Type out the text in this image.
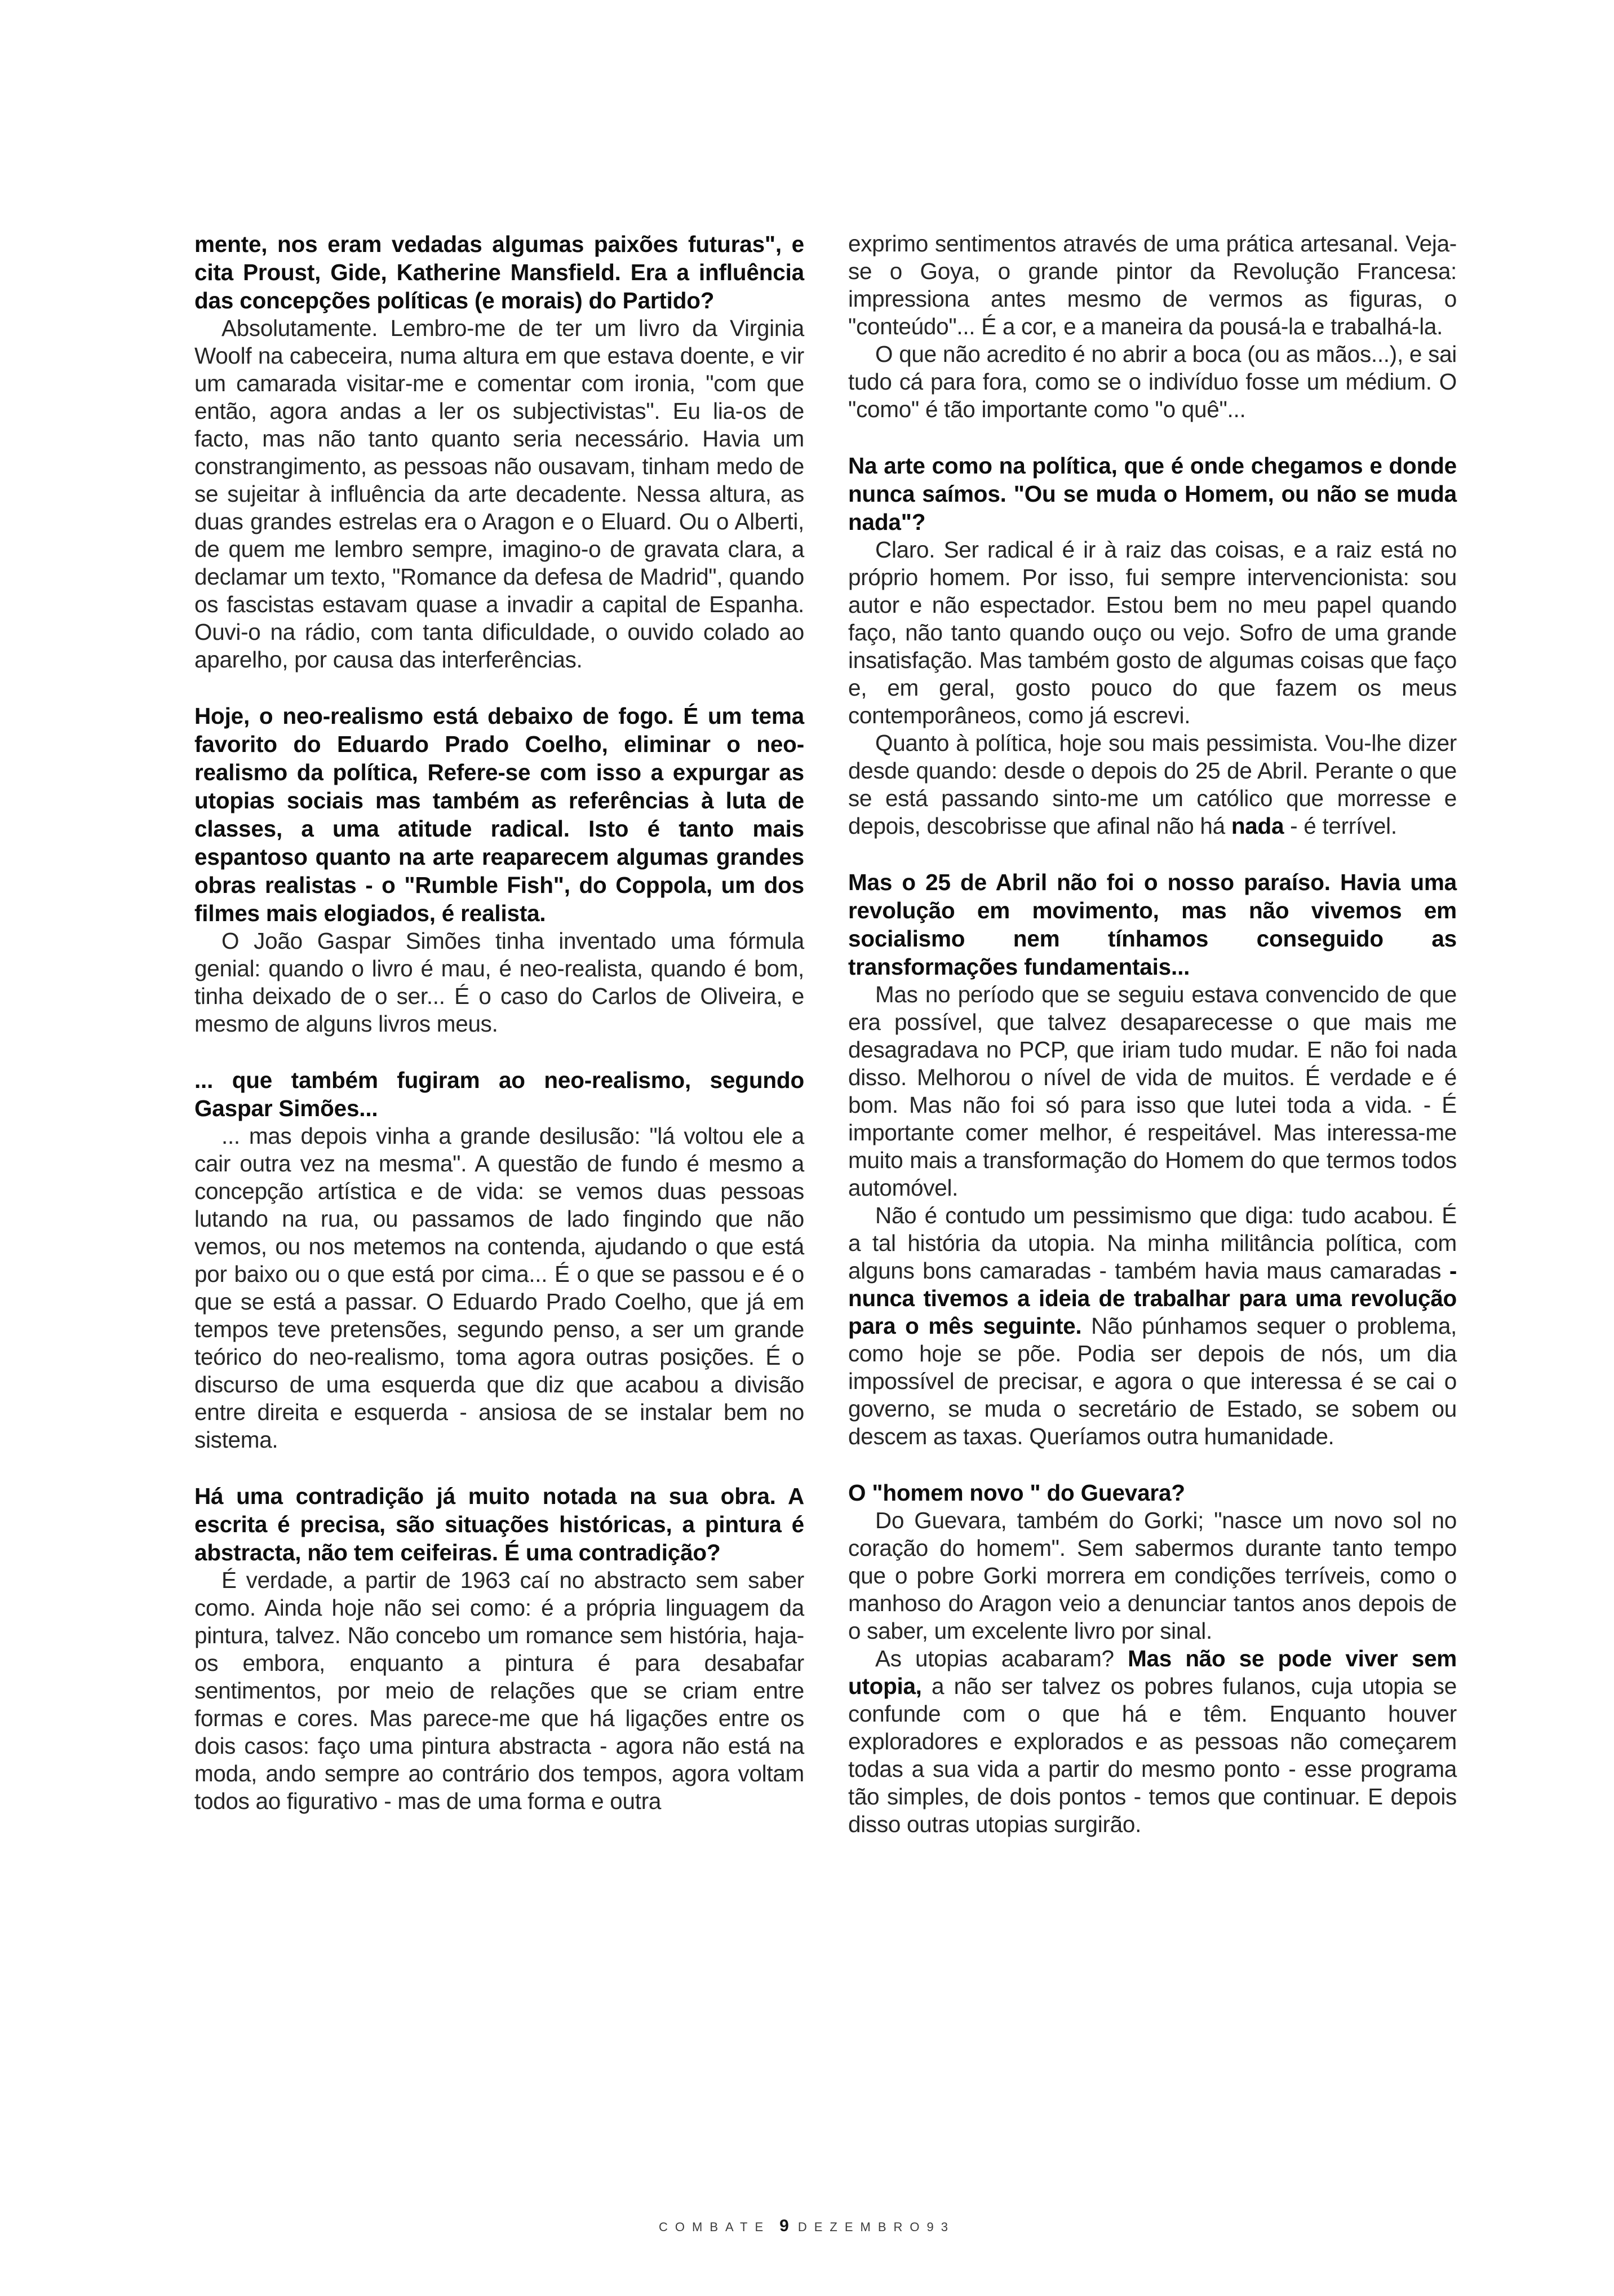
mente, nos eram vedadas algumas paixões futuras", e cita Proust, Gide, Katherine Mansfield. Era a influência das concepções políticas (e morais) do Partido?

Absolutamente. Lembro-me de ter um livro da Virginia Woolf na cabeceira, numa altura em que estava doente, e vir um camarada visitar-me e comentar com ironia, "com que então, agora andas a ler os subjectivistas". Eu lia-os de facto, mas não tanto quanto seria necessário. Havia um constrangimento, as pessoas não ousavam, tinham medo de se sujeitar à influência da arte decadente. Nessa altura, as duas grandes estrelas era o Aragon e o Eluard. Ou o Alberti, de quem me lembro sempre, imagino-o de gravata clara, a declamar um texto, "Romance da defesa de Madrid", quando os fascistas estavam quase a invadir a capital de Espanha. Ouvi-o na rádio, com tanta dificuldade, o ouvido colado ao aparelho, por causa das interferências.

Hoje, o neo-realismo está debaixo de fogo. É um tema favorito do Eduardo Prado Coelho, eliminar o neo-realismo da política, Refere-se com isso a expurgar as utopias sociais mas também as referências à luta de classes, a uma atitude radical. Isto é tanto mais espantoso quanto na arte reaparecem algumas grandes obras realistas - o "Rumble Fish", do Coppola, um dos filmes mais elogiados, é realista.

O João Gaspar Simões tinha inventado uma fórmula genial: quando o livro é mau, é neo-realista, quando é bom, tinha deixado de o ser... É o caso do Carlos de Oliveira, e mesmo de alguns livros meus.

... que também fugiram ao neo-realismo, segundo Gaspar Simões...

... mas depois vinha a grande desilusão: "lá voltou ele a cair outra vez na mesma". A questão de fundo é mesmo a concepção artística e de vida: se vemos duas pessoas lutando na rua, ou passamos de lado fingindo que não vemos, ou nos metemos na contenda, ajudando o que está por baixo ou o que está por cima... É o que se passou e é o que se está a passar. O Eduardo Prado Coelho, que já em tempos teve pretensões, segundo penso, a ser um grande teórico do neo-realismo, toma agora outras posições. É o discurso de uma esquerda que diz que acabou a divisão entre direita e esquerda - ansiosa de se instalar bem no sistema.

Há uma contradição já muito notada na sua obra. A escrita é precisa, são situações históricas, a pintura é abstracta, não tem ceifeiras. É uma contradição?

É verdade, a partir de 1963 caí no abstracto sem saber como. Ainda hoje não sei como: é a própria linguagem da pintura, talvez. Não concebo um romance sem história, haja-os embora, enquanto a pintura é para desabafar sentimentos, por meio de relações que se criam entre formas e cores. Mas parece-me que há ligações entre os dois casos: faço uma pintura abstracta - agora não está na moda, ando sempre ao contrário dos tempos, agora voltam todos ao figurativo - mas de uma forma e outra

exprimo sentimentos através de uma prática artesanal. Veja-se o Goya, o grande pintor da Revolução Francesa: impressiona antes mesmo de vermos as figuras, o "conteúdo"... É a cor, e a maneira da pousá-la e trabalhá-la.

O que não acredito é no abrir a boca (ou as mãos...), e sai tudo cá para fora, como se o indivíduo fosse um médium. O "como" é tão importante como "o quê"...

Na arte como na política, que é onde chegamos e donde nunca saímos. "Ou se muda o Homem, ou não se muda nada"?

Claro. Ser radical é ir à raiz das coisas, e a raiz está no próprio homem. Por isso, fui sempre intervencionista: sou autor e não espectador. Estou bem no meu papel quando faço, não tanto quando ouço ou vejo. Sofro de uma grande insatisfação. Mas também gosto de algumas coisas que faço e, em geral, gosto pouco do que fazem os meus contemporâneos, como já escrevi.

Quanto à política, hoje sou mais pessimista. Vou-lhe dizer desde quando: desde o depois do 25 de Abril. Perante o que se está passando sinto-me um católico que morresse e depois, descobrisse que afinal não há nada - é terrível.

Mas o 25 de Abril não foi o nosso paraíso. Havia uma revolução em movimento, mas não vivemos em socialismo nem tínhamos conseguido as transformações fundamentais...

Mas no período que se seguiu estava convencido de que era possível, que talvez desaparecesse o que mais me desagradava no PCP, que iriam tudo mudar. E não foi nada disso. Melhorou o nível de vida de muitos. É verdade e é bom. Mas não foi só para isso que lutei toda a vida. - É importante comer melhor, é respeitável. Mas interessa-me muito mais a transformação do Homem do que termos todos automóvel.

Não é contudo um pessimismo que diga: tudo acabou. É a tal história da utopia. Na minha militância política, com alguns bons camaradas - também havia maus camaradas -nunca tivemos a ideia de trabalhar para uma revolução para o mês seguinte. Não púnhamos sequer o problema, como hoje se põe. Podia ser depois de nós, um dia impossível de precisar, e agora o que interessa é se cai o governo, se muda o secretário de Estado, se sobem ou descem as taxas. Queríamos outra humanidade.

O "homem novo " do Guevara?

Do Guevara, também do Gorki; "nasce um novo sol no coração do homem". Sem sabermos durante tanto tempo que o pobre Gorki morrera em condições terríveis, como o manhoso do Aragon veio a denunciar tantos anos depois de o saber, um excelente livro por sinal.

As utopias acabaram? Mas não se pode viver sem utopia, a não ser talvez os pobres fulanos, cuja utopia se confunde com o que há e têm. Enquanto houver exploradores e explorados e as pessoas não começarem todas a sua vida a partir do mesmo ponto - esse programa tão simples, de dois pontos - temos que continuar. E depois disso outras utopias surgirão.

COMBATE 9 DEZEMBRO93
